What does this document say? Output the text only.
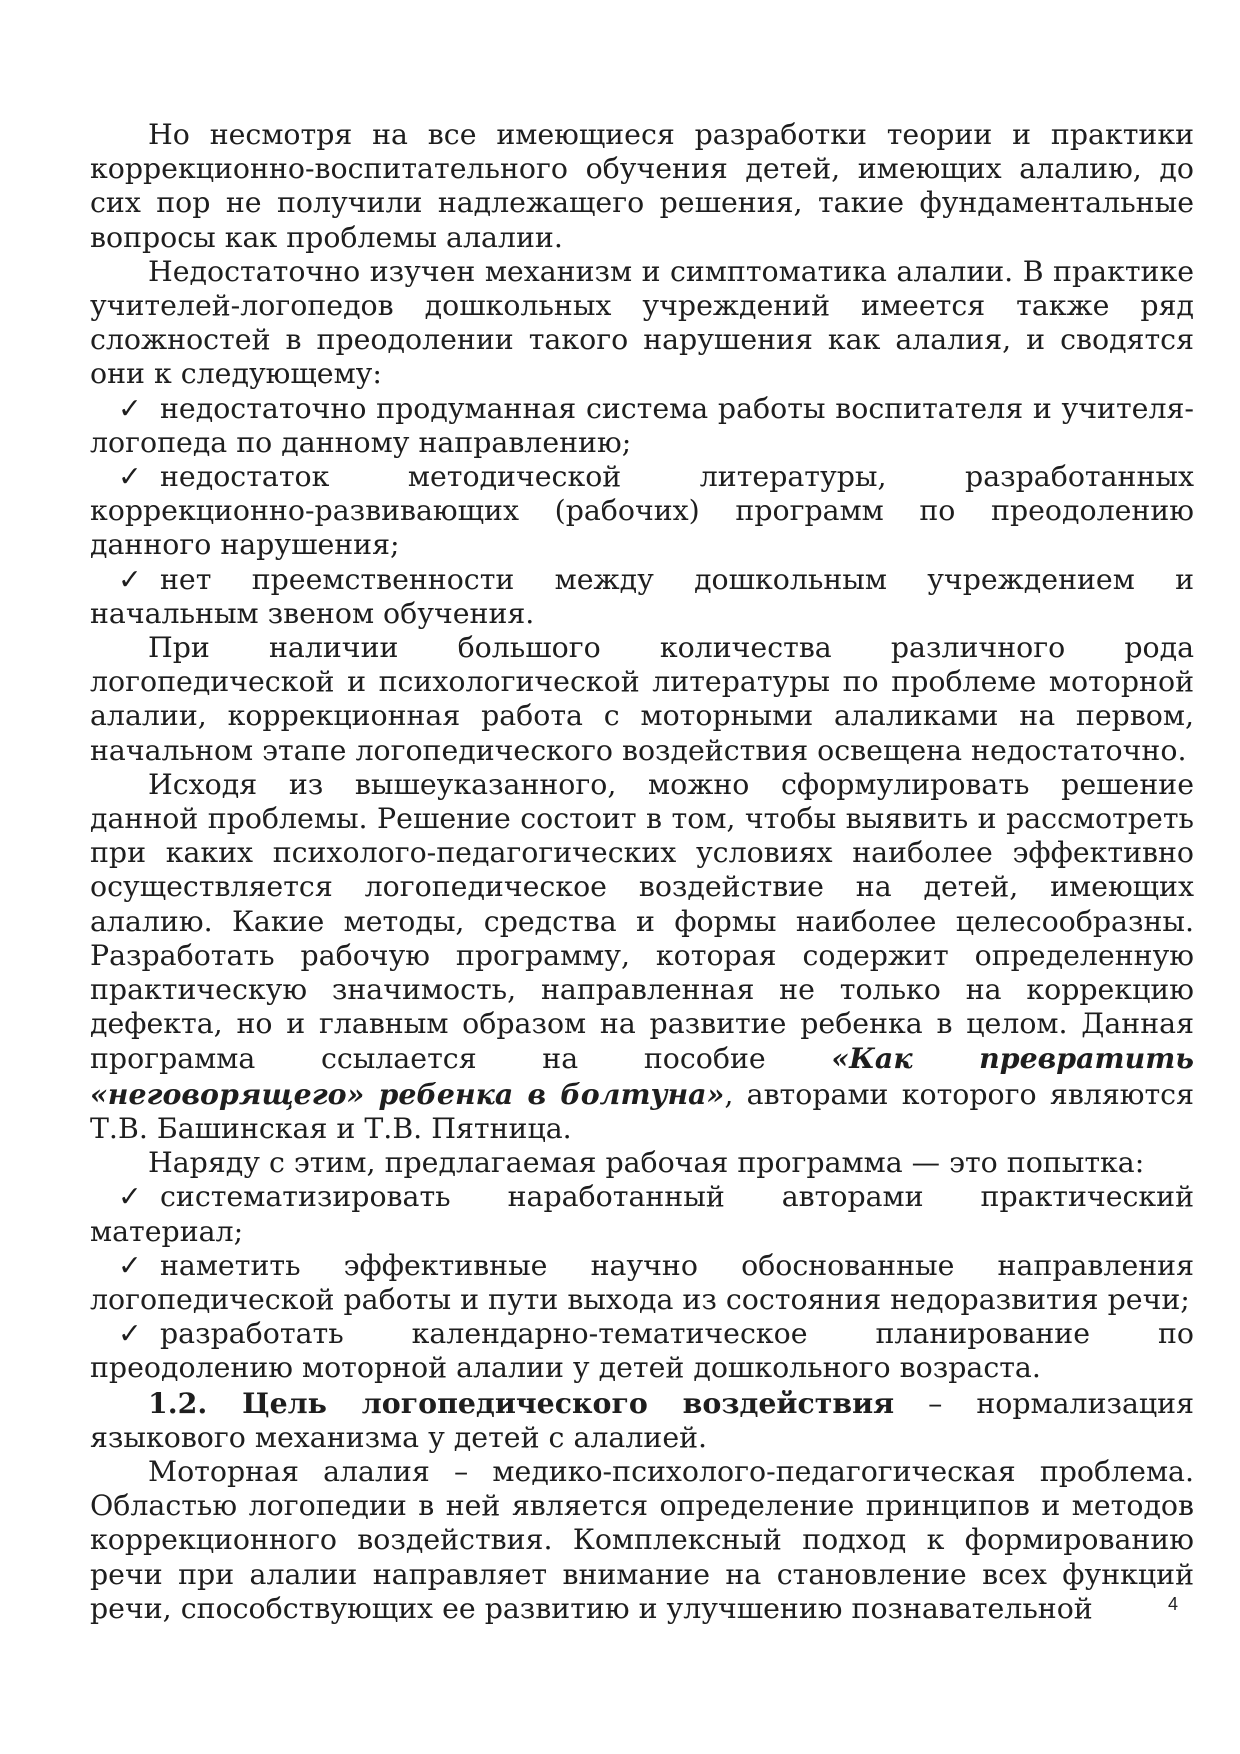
Но несмотря на все имеющиеся разработки теории и практики коррекционно-воспитательного обучения детей, имеющих алалию, до сих пор не получили надлежащего решения, такие фундаментальные вопросы как проблемы алалии.

Недостаточно изучен механизм и симптоматика алалии. В практике учителей-логопедов дошкольных учреждений имеется также ряд сложностей в преодолении такого нарушения как алалия, и сводятся они к следующему:

✓ недостаточно продуманная система работы воспитателя и учителя-логопеда по данному направлению;

✓ недостаток методической литературы, разработанных коррекционно-развивающих (рабочих) программ по преодолению данного нарушения;

✓ нет преемственности между дошкольным учреждением и начальным звеном обучения.

При наличии большого количества различного рода логопедической и психологической литературы по проблеме моторной алалии, коррекционная работа с моторными алаликами на первом, начальном этапе логопедического воздействия освещена недостаточно.

Исходя из вышеуказанного, можно сформулировать решение данной проблемы. Решение состоит в том, чтобы выявить и рассмотреть при каких психолого-педагогических условиях наиболее эффективно осуществляется логопедическое воздействие на детей, имеющих алалию. Какие методы, средства и формы наиболее целесообразны. Разработать рабочую программу, которая содержит определенную практическую значимость, направленная не только на коррекцию дефекта, но и главным образом на развитие ребенка в целом. Данная программа ссылается на пособие «Как превратить «неговорящего» ребенка в болтуна», авторами которого являются Т.В. Башинская и Т.В. Пятница.

Наряду с этим, предлагаемая рабочая программа — это попытка:

✓ систематизировать наработанный авторами практический материал;

✓ наметить эффективные научно обоснованные направления логопедической работы и пути выхода из состояния недоразвития речи;

✓ разработать календарно-тематическое планирование по преодолению моторной алалии у детей дошкольного возраста.

1.2. Цель логопедического воздействия – нормализация языкового механизма у детей с алалией.

Моторная алалия – медико-психолого-педагогическая проблема. Областью логопедии в ней является определение принципов и методов коррекционного воздействия. Комплексный подход к формированию речи при алалии направляет внимание на становление всех функций речи, способствующих ее развитию и улучшению познавательной	4
